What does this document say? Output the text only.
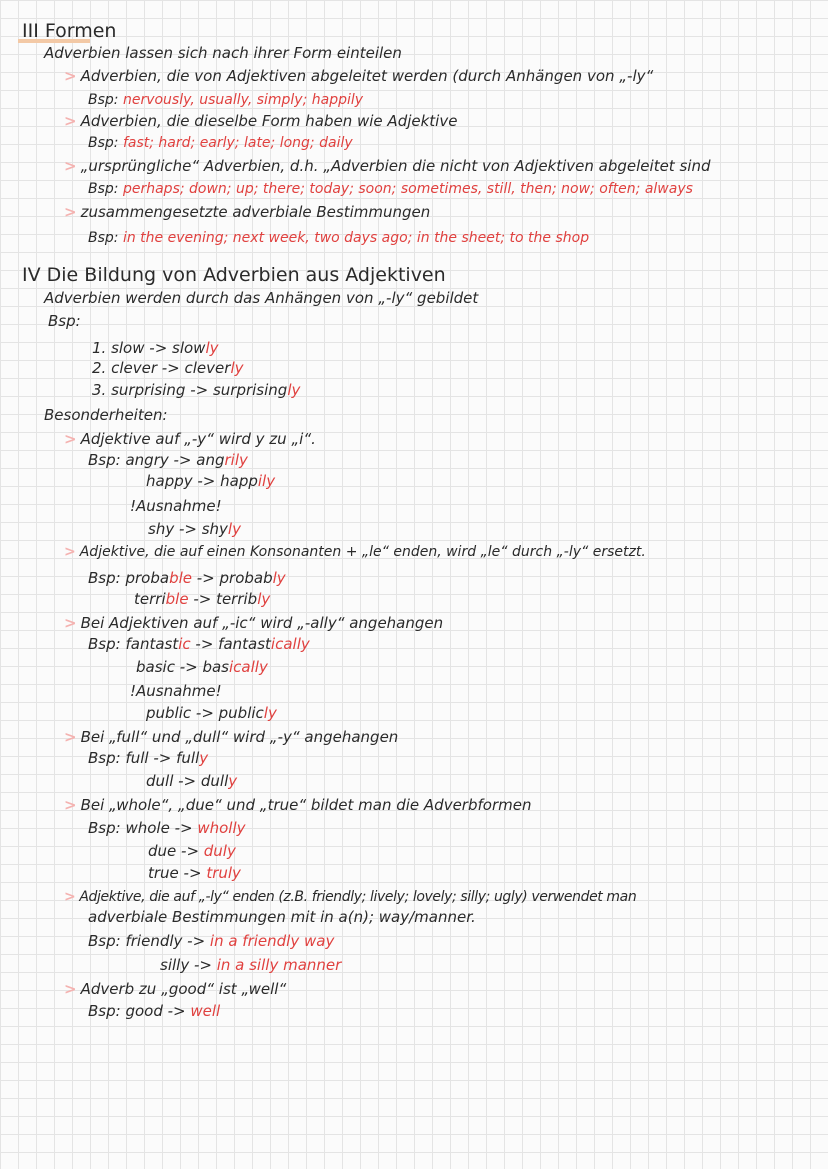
III Formen
Adverbien lassen sich nach ihrer Form einteilen
> Adverbien, die von Adjektiven abgeleitet werden (durch Anhängen von „-ly“
Bsp: nervously, usually, simply; happily
> Adverbien, die dieselbe Form haben wie Adjektive
Bsp: fast; hard; early; late; long; daily
> „ursprüngliche“ Adverbien, d.h. „Adverbien die nicht von Adjektiven abgeleitet sind
Bsp: perhaps; down; up; there; today; soon; sometimes, still, then; now; often; always
> zusammengesetzte adverbiale Bestimmungen
Bsp: in the evening; next week, two days ago; in the sheet; to the shop
IV Die Bildung von Adverbien aus Adjektiven
Adverbien werden durch das Anhängen von „-ly“ gebildet
Bsp:
1. slow -> slowly
2. clever -> cleverly
3. surprising -> surprisingly
Besonderheiten:
> Adjektive auf „-y“ wird y zu „i“.
Bsp: angry -> angrily
happy -> happily
!Ausnahme!
shy -> shyly
> Adjektive, die auf einen Konsonanten + „le“ enden, wird „le“ durch „-ly“ ersetzt.
Bsp: probable -> probably
terrible -> terribly
> Bei Adjektiven auf „-ic“ wird „-ally“ angehangen
Bsp: fantastic -> fantastically
basic -> basically
!Ausnahme!
public -> publicly
> Bei „full“ und „dull“ wird „-y“ angehangen
Bsp: full -> fully
dull -> dully
> Bei „whole“, „due“ und „true“ bildet man die Adverbformen
Bsp: whole -> wholly
due -> duly
true -> truly
> Adjektive, die auf „-ly“ enden (z.B. friendly; lively; lovely; silly; ugly) verwendet man
adverbiale Bestimmungen mit in a(n); way/manner.
Bsp: friendly -> in a friendly way
silly -> in a silly manner
> Adverb zu „good“ ist „well“
Bsp: good -> well
